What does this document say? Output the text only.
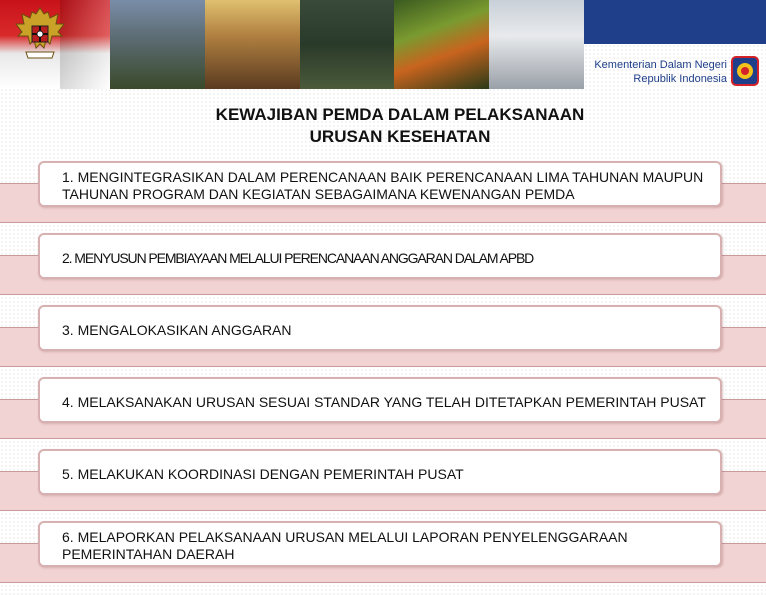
Kementerian Dalam Negeri
Republik Indonesia
KEWAJIBAN PEMDA DALAM PELAKSANAAN
URUSAN KESEHATAN
1. MENGINTEGRASIKAN DALAM PERENCANAAN BAIK PERENCANAAN LIMA TAHUNAN MAUPUN TAHUNAN PROGRAM DAN KEGIATAN SEBAGAIMANA KEWENANGAN PEMDA
2. MENYUSUN PEMBIAYAAN MELALUI PERENCANAAN ANGGARAN DALAM APBD
3. MENGALOKASIKAN ANGGARAN
4. MELAKSANAKAN URUSAN SESUAI STANDAR YANG TELAH DITETAPKAN PEMERINTAH PUSAT
5. MELAKUKAN KOORDINASI DENGAN PEMERINTAH PUSAT
6. MELAPORKAN PELAKSANAAN URUSAN MELALUI LAPORAN PENYELENGGARAAN PEMERINTAHAN DAERAH
